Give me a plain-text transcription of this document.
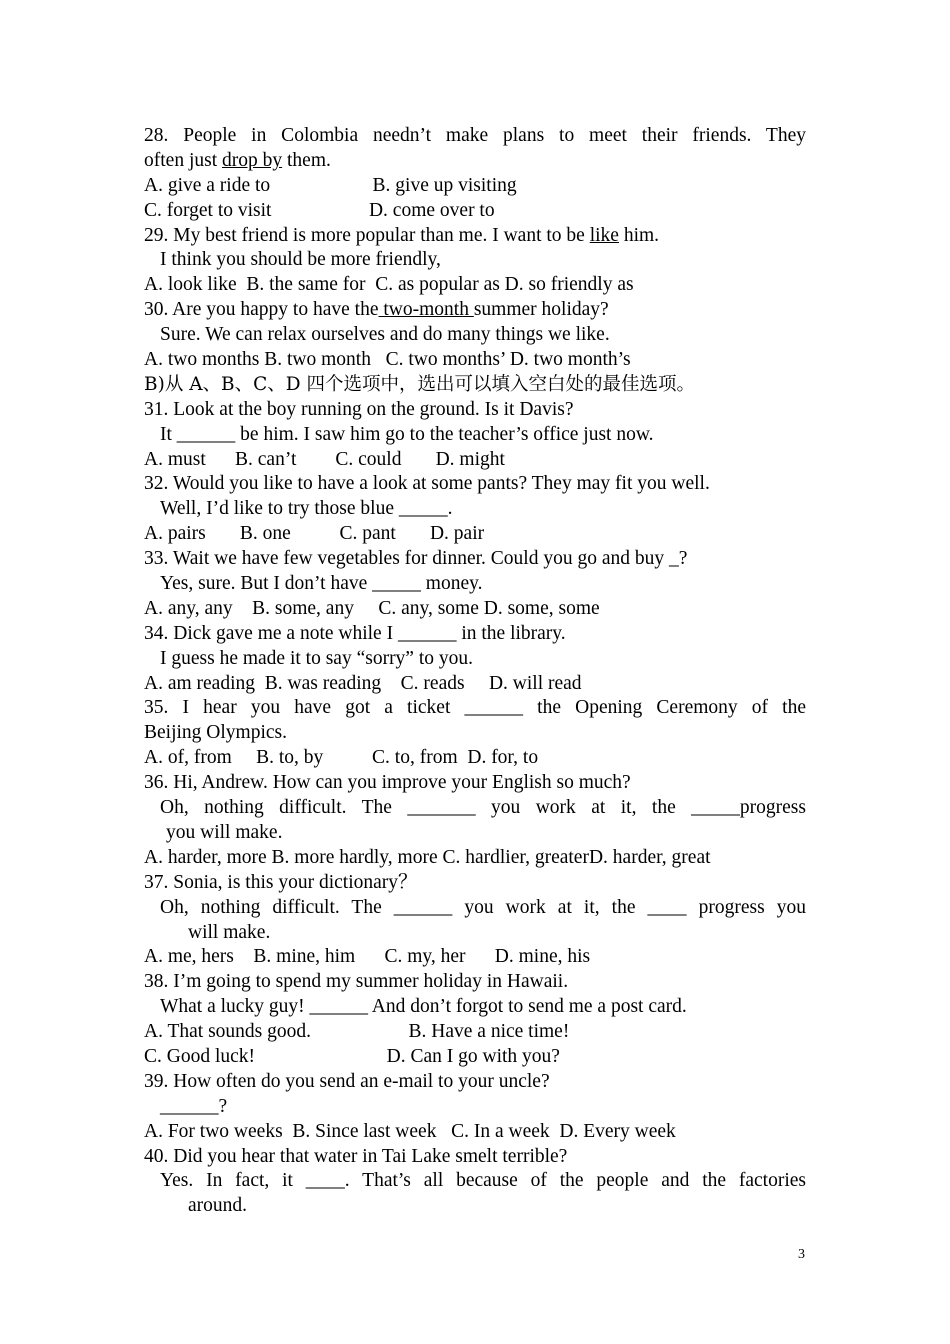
28. People in Colombia needn’t make plans to meet their friends. They
often just drop by them.
A. give a ride to                     B. give up visiting
C. forget to visit                    D. come over to
29. My best friend is more popular than me. I want to be like him.
I think you should be more friendly,
A. look like  B. the same for  C. as popular as D. so friendly as
30. Are you happy to have the two-month summer holiday?
Sure. We can relax ourselves and do many things we like.
A. two months B. two month   C. two months’ D. two month’s
B)从 A、B、C、D 四个选项中，选出可以填入空白处的最佳选项。
31. Look at the boy running on the ground. Is it Davis?
It ______ be him. I saw him go to the teacher’s office just now.
A. must      B. can’t        C. could       D. might
32. Would you like to have a look at some pants? They may fit you well.
Well, I’d like to try those blue _____.
A. pairs       B. one          C. pant       D. pair
33. Wait we have few vegetables for dinner. Could you go and buy _?
Yes, sure. But I don’t have _____ money.
A. any, any    B. some, any     C. any, some D. some, some
34. Dick gave me a note while I ______ in the library.
I guess he made it to say “sorry” to you.
A. am reading  B. was reading    C. reads     D. will read
35. I hear you have got a ticket ______ the Opening Ceremony of the
Beijing Olympics.
A. of, from     B. to, by          C. to, from  D. for, to
36. Hi, Andrew. How can you improve your English so much?
Oh, nothing difficult. The _______ you work at it, the _____progress
you will make.
A. harder, more B. more hardly, more C. hardlier, greaterD. harder, great
37. Sonia, is this your dictionary？
Oh, nothing difficult. The ______ you work at it, the ____ progress you
will make.
A. me, hers    B. mine, him      C. my, her      D. mine, his
38. I’m going to spend my summer holiday in Hawaii.
What a lucky guy! ______ And don’t forgot to send me a post card.
A. That sounds good.                    B. Have a nice time!
C. Good luck!                           D. Can I go with you?
39. How often do you send an e-mail to your uncle?
______?
A. For two weeks  B. Since last week   C. In a week  D. Every week
40. Did you hear that water in Tai Lake smelt terrible?
Yes. In fact, it ____. That’s all because of the people and the factories
around.
3
